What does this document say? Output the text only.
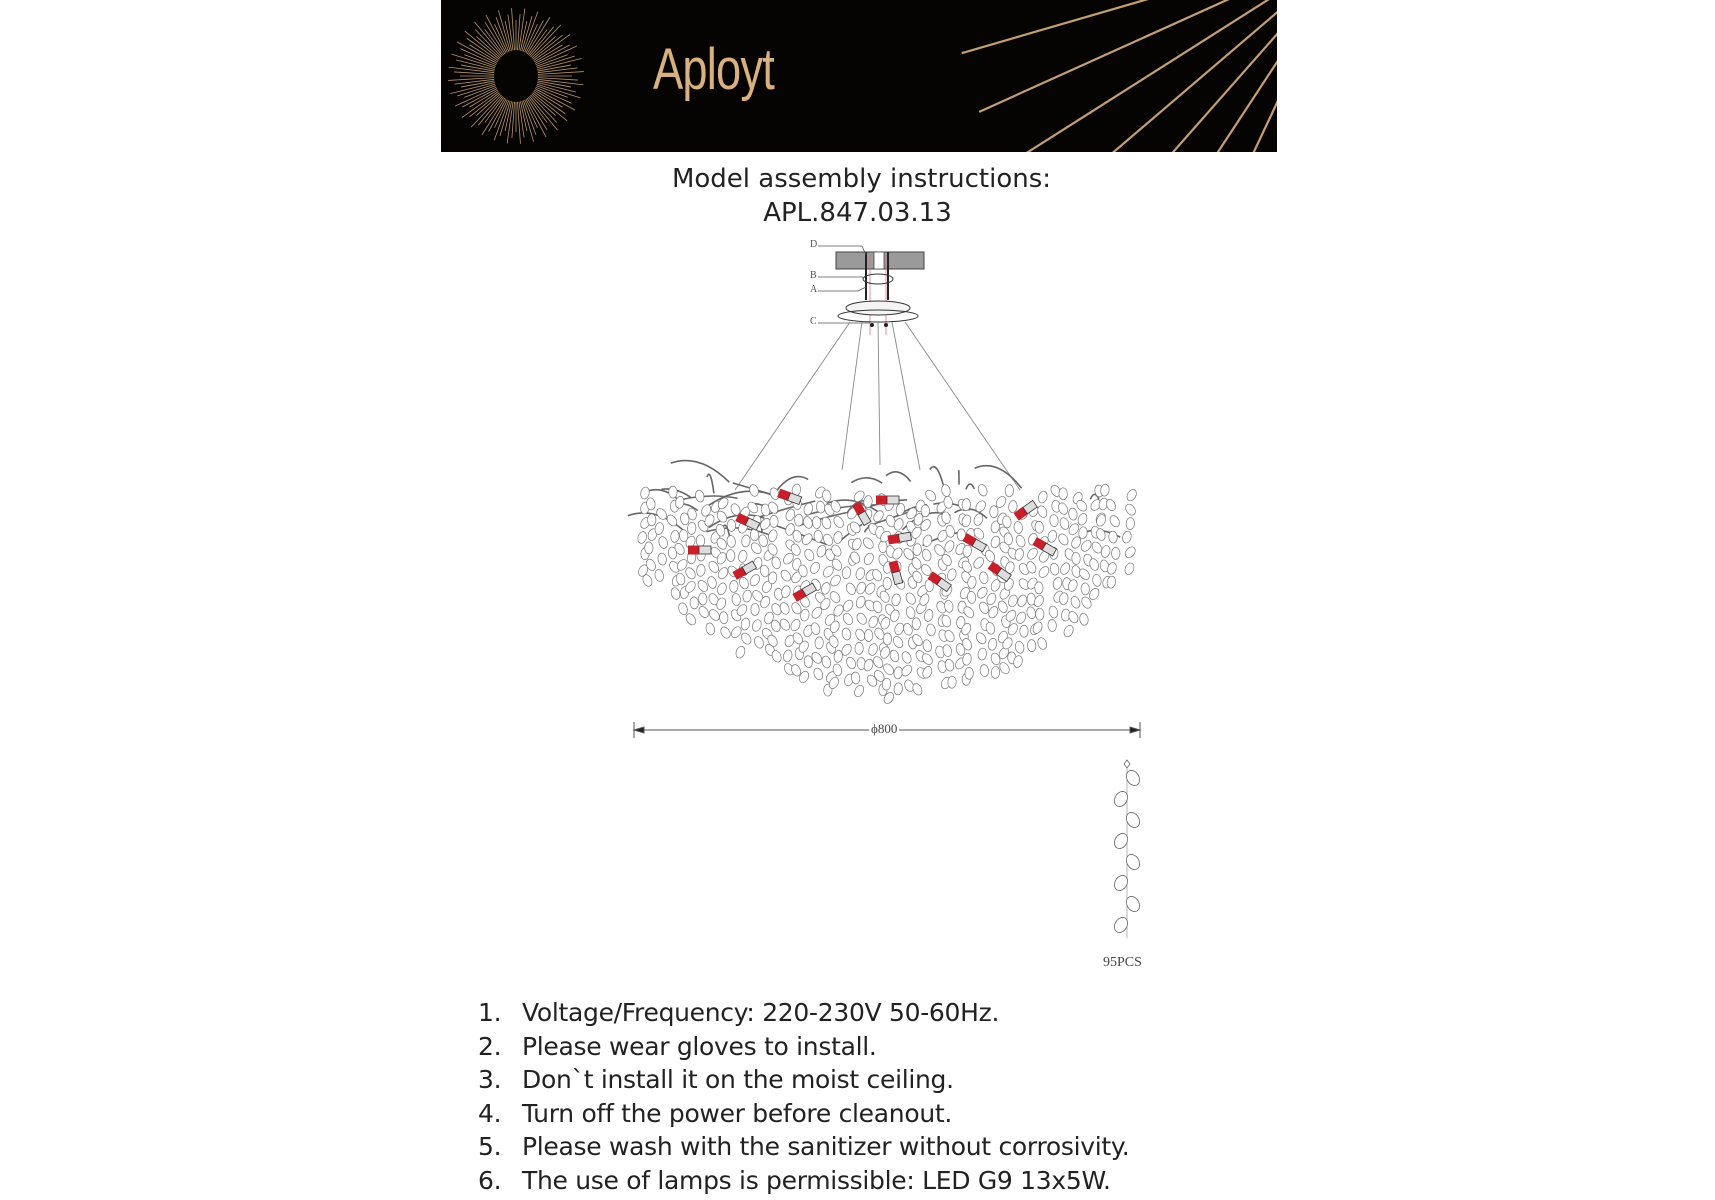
Aployt
Model assembly instructions:
APL.847.03.13
D
B
A
C
ϕ800
95PCS
1. Voltage/Frequency: 220-230V 50-60Hz.
2. Please wear gloves to install.
3. Don`t install it on the moist ceiling.
4. Turn off the power before cleanout.
5. Please wash with the sanitizer without corrosivity.
6. The use of lamps is permissible: LED G9 13x5W.
